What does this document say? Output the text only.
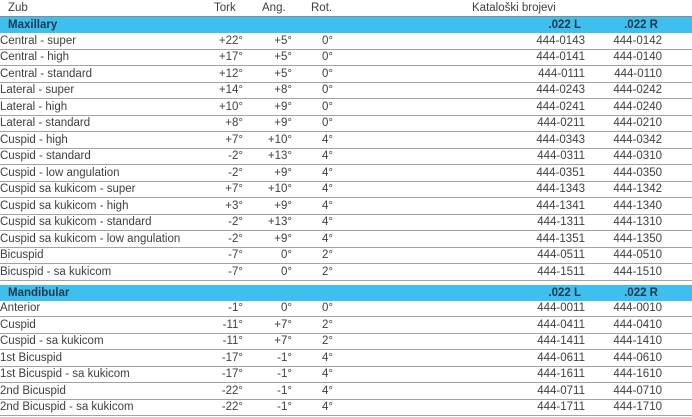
Zub	Tork	Ang.	Rot.	Kataloški brojevi		
Maxillary				.022 L	.022 R	
Central - super	+22°	+5°	0°	444-0143	444-0142	
Central - high	+17°	+5°	0°	444-0141	444-0140	
Central - standard	+12°	+5°	0°	444-0111	444-0110	
Lateral - super	+14°	+8°	0°	444-0243	444-0242	
Lateral - high	+10°	+9°	0°	444-0241	444-0240	
Lateral - standard	+8°	+9°	0°	444-0211	444-0210	
Cuspid - high	+7°	+10°	4°	444-0343	444-0342	
Cuspid - standard	-2°	+13°	4°	444-0311	444-0310	
Cuspid - low angulation	-2°	+9°	4°	444-0351	444-0350	
Cuspid sa kukicom - super	+7°	+10°	4°	444-1343	444-1342	
Cuspid sa kukicom - high	+3°	+9°	4°	444-1341	444-1340	
Cuspid sa kukicom - standard	-2°	+13°	4°	444-1311	444-1310	
Cuspid sa kukicom - low angulation	-2°	+9°	4°	444-1351	444-1350	
Bicuspid	-7°	0°	2°	444-0511	444-0510	
Bicuspid - sa kukicom	-7°	0°	2°	444-1511	444-1510	

Mandibular				.022 L	.022 R	
Anterior	-1°	0°	0°	444-0011	444-0010	
Cuspid	-11°	+7°	2°	444-0411	444-0410	
Cuspid - sa kukicom	-11°	+7°	2°	444-1411	444-1410	
1st Bicuspid	-17°	-1°	4°	444-0611	444-0610	
1st Bicuspid - sa kukicom	-17°	-1°	4°	444-1611	444-1610	
2nd Bicuspid	-22°	-1°	4°	444-0711	444-0710	
2nd Bicuspid - sa kukicom	-22°	-1°	4°	444-1711	444-1710	
